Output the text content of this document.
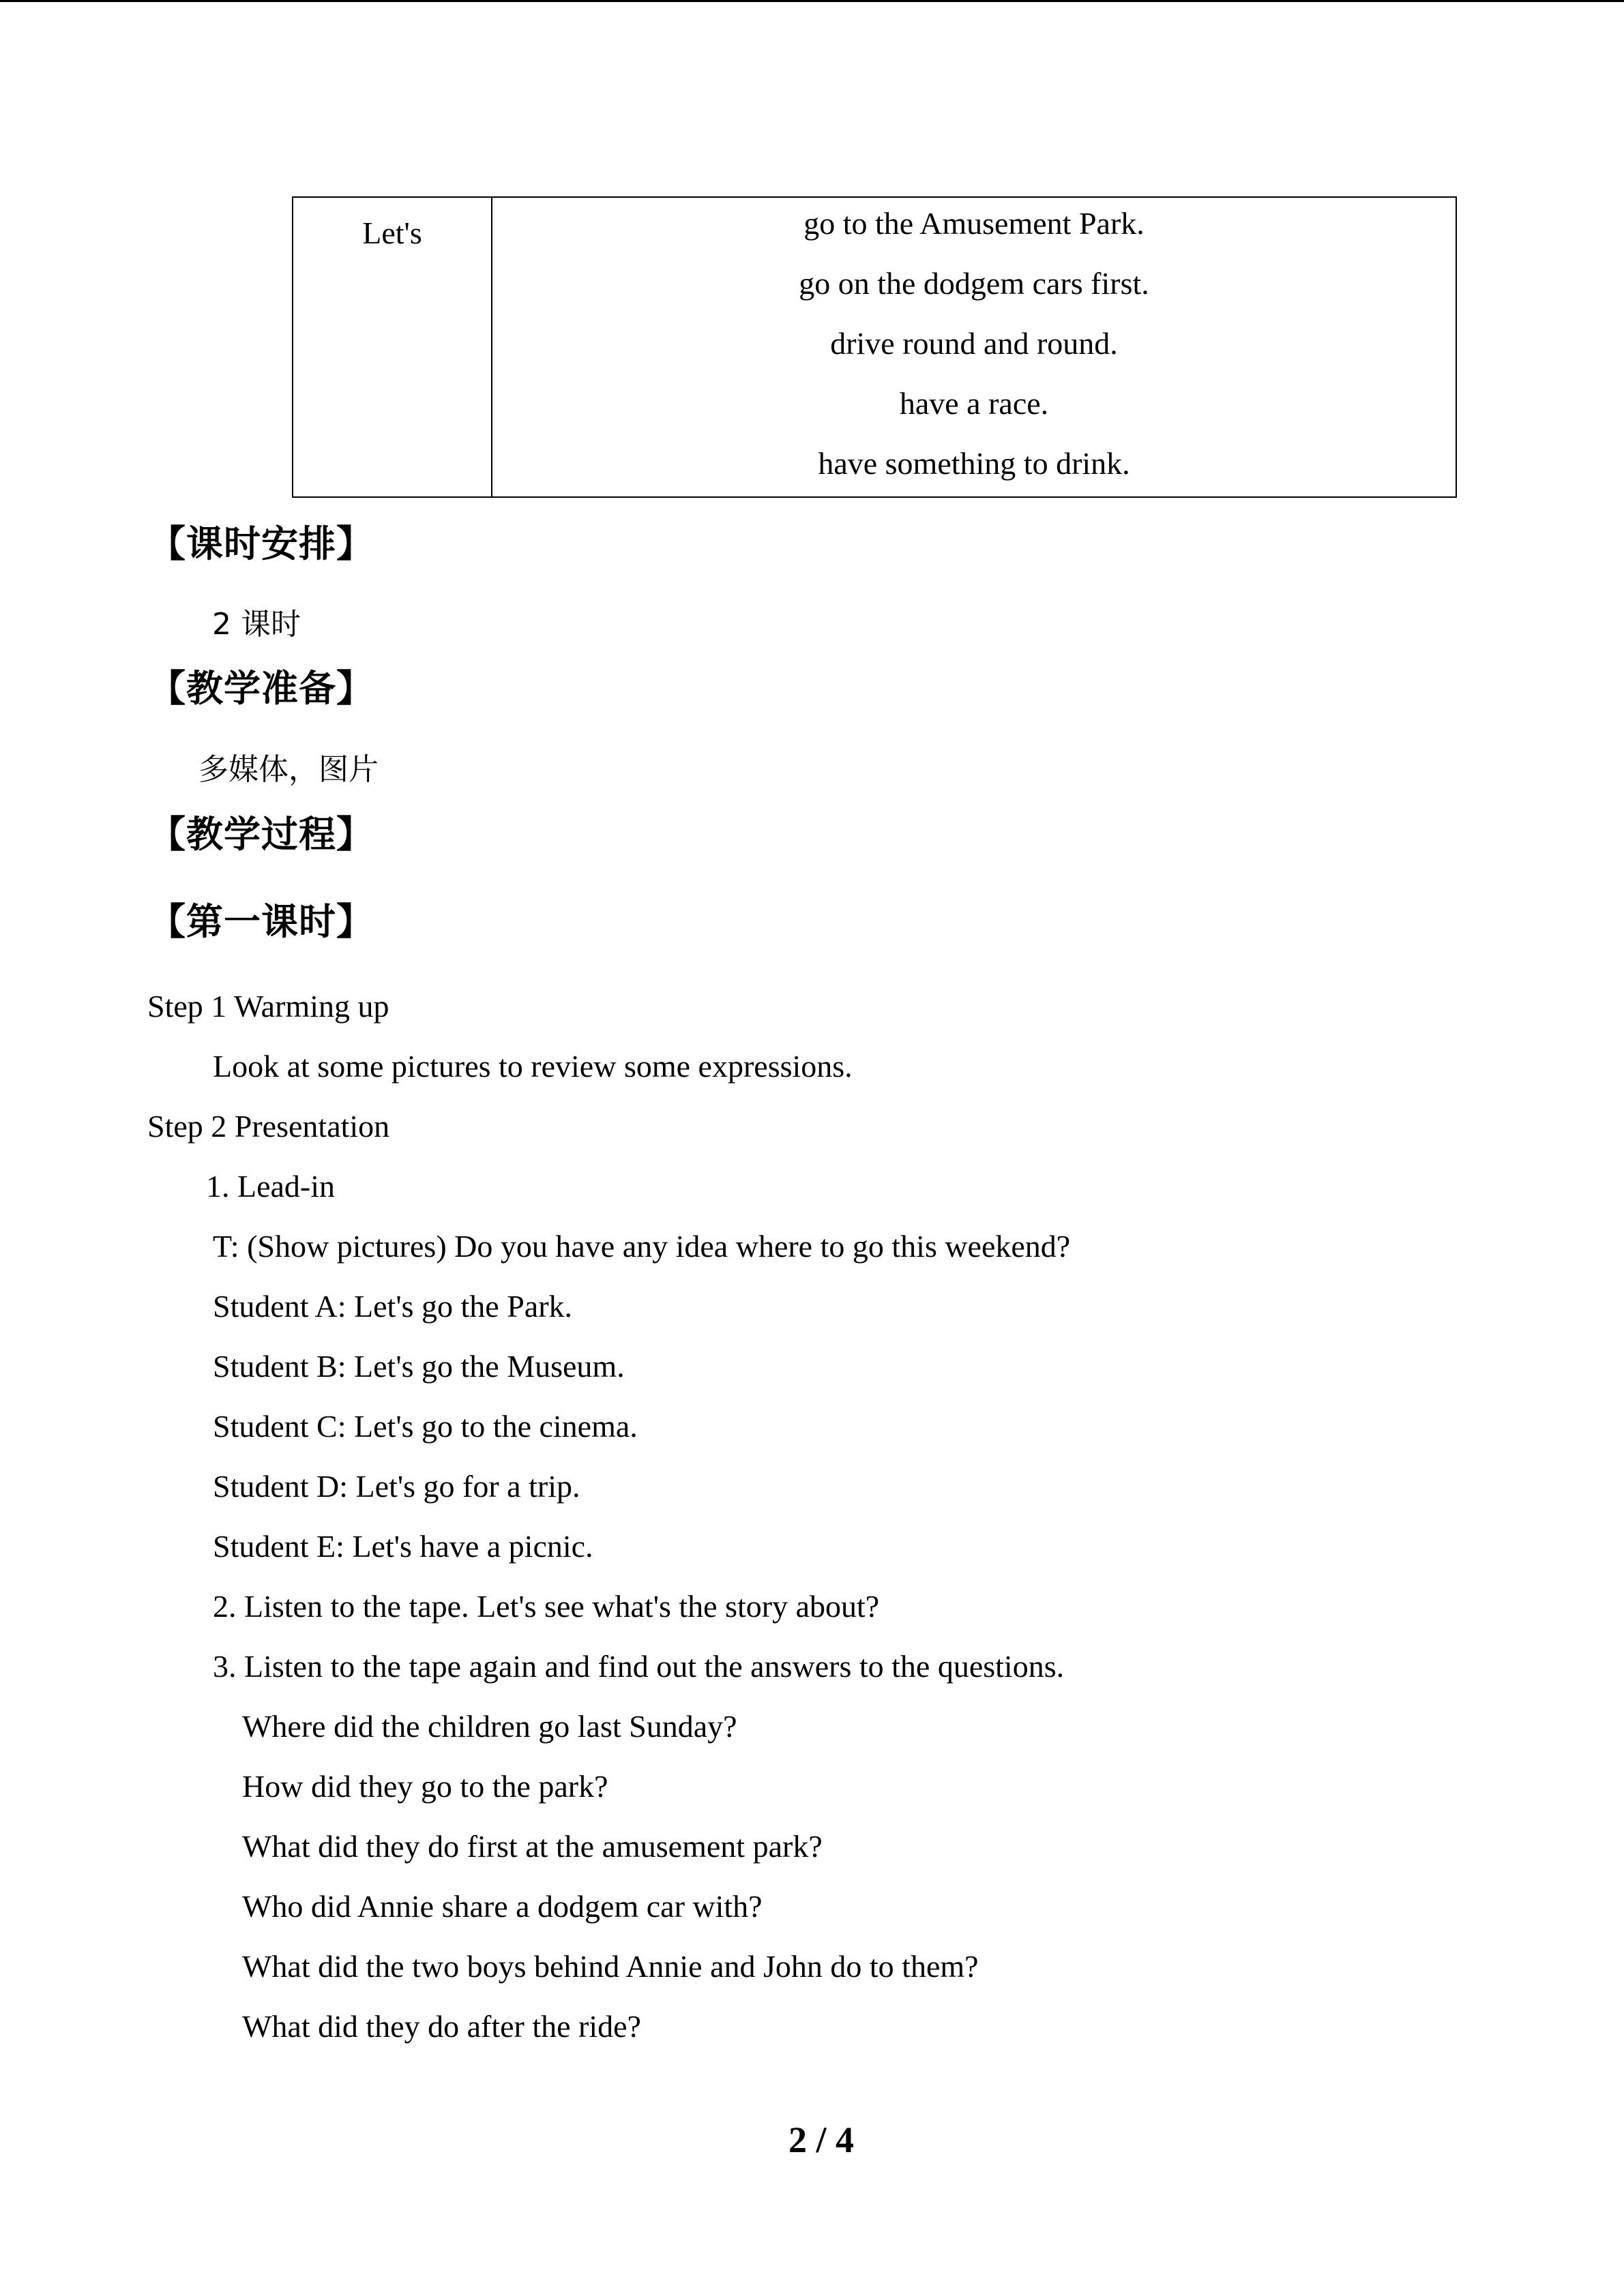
Let's	go to the Amusement Park.
go on the dodgem cars first.
drive round and round.
have a race.
have something to drink.
【课时安排】
2 课时
【教学准备】
多媒体，图片
【教学过程】
【第一课时】
Step 1 Warming up
Look at some pictures to review some expressions.
Step 2 Presentation
1. Lead-in
T: (Show pictures) Do you have any idea where to go this weekend?
Student A: Let's go the Park.
Student B: Let's go the Museum.
Student C: Let's go to the cinema.
Student D: Let's go for a trip.
Student E: Let's have a picnic.
2. Listen to the tape. Let's see what's the story about?
3. Listen to the tape again and find out the answers to the questions.
Where did the children go last Sunday?
How did they go to the park?
What did they do first at the amusement park?
Who did Annie share a dodgem car with?
What did the two boys behind Annie and John do to them?
What did they do after the ride?
2 / 4
